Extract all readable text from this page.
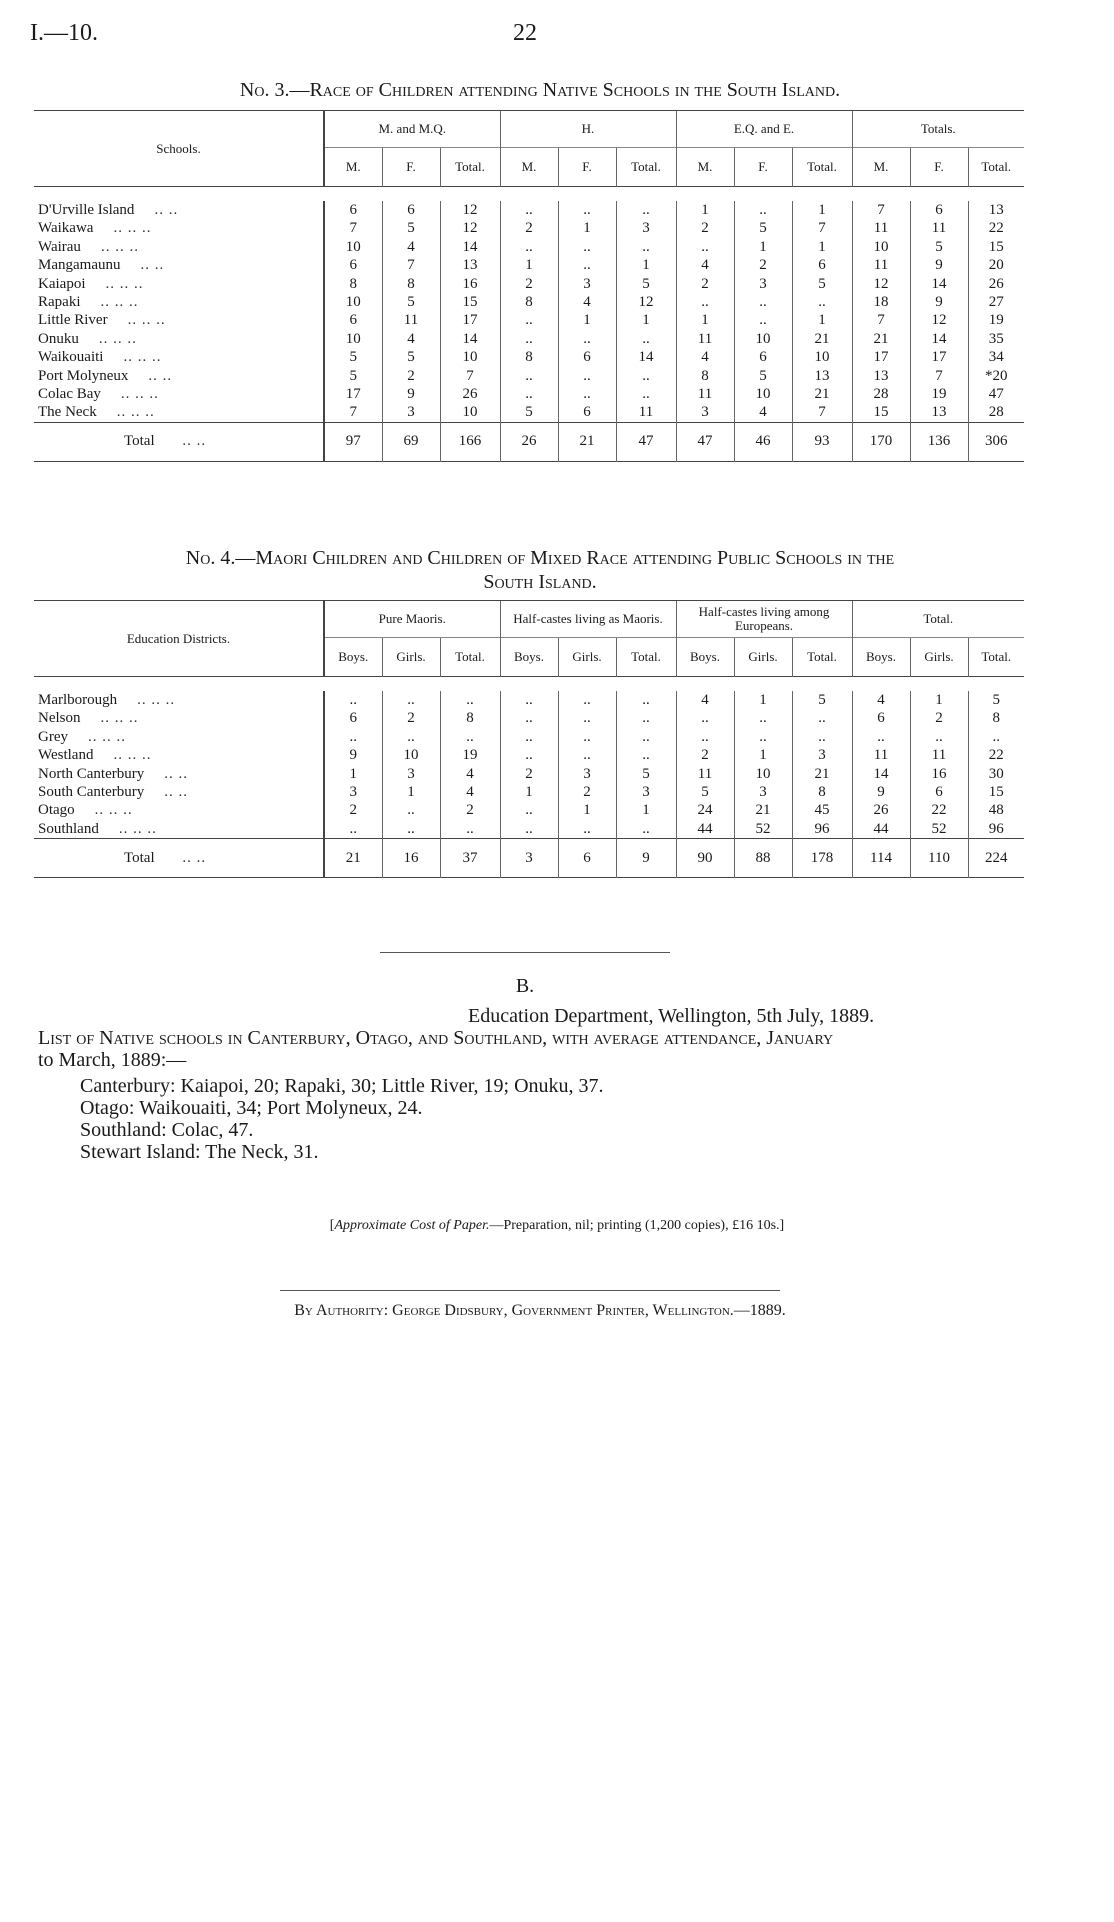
I.—10.	22
No. 3.—Race of Children attending Native Schools in the South Island.

Schools.	M. and M.Q.			H.			E.Q. and E.			Totals.		
	M.	F.	Total.	M.	F.	Total.	M.	F.	Total.	M.	F.	Total.

D'Urville Island .. ..	6	6	12	..	..	..	1	..	1	7	6	13
Waikawa .. .. ..	7	5	12	2	1	3	2	5	7	11	11	22
Wairau .. .. ..	10	4	14	..	..	..	..	1	1	10	5	15
Mangamaunu .. ..	6	7	13	1	..	1	4	2	6	11	9	20
Kaiapoi .. .. ..	8	8	16	2	3	5	2	3	5	12	14	26
Rapaki .. .. ..	10	5	15	8	4	12	..	..	..	18	9	27
Little River .. .. ..	6	11	17	..	1	1	1	..	1	7	12	19
Onuku .. .. ..	10	4	14	..	..	..	11	10	21	21	14	35
Waikouaiti .. .. ..	5	5	10	8	6	14	4	6	10	17	17	34
Port Molyneux .. ..	5	2	7	..	..	..	8	5	13	13	7	*20
Colac Bay .. .. ..	17	9	26	..	..	..	11	10	21	28	19	47
The Neck .. .. ..	7	3	10	5	6	11	3	4	7	15	13	28
Total .. ..	97	69	166	26	21	47	47	46	93	170	136	306

No. 4.—Maori Children and Children of Mixed Race attending Public Schools in the
South Island.

Education Districts.	Pure Maoris.			Half-castes living as Maoris.			Half-castes living among Europeans.			Total.		
	Boys.	Girls.	Total.	Boys.	Girls.	Total.	Boys.	Girls.	Total.	Boys.	Girls.	Total.

Marlborough .. .. ..	..	..	..	..	..	..	4	1	5	4	1	5
Nelson .. .. ..	6	2	8	..	..	..	..	..	..	6	2	8
Grey .. .. ..	..	..	..	..	..	..	..	..	..	..	..	..
Westland .. .. ..	9	10	19	..	..	..	2	1	3	11	11	22
North Canterbury .. ..	1	3	4	2	3	5	11	10	21	14	16	30
South Canterbury .. ..	3	1	4	1	2	3	5	3	8	9	6	15
Otago .. .. ..	2	..	2	..	1	1	24	21	45	26	22	48
Southland .. .. ..	..	..	..	..	..	..	44	52	96	44	52	96
Total .. ..	21	16	37	3	6	9	90	88	178	114	110	224

B.
Education Department, Wellington, 5th July, 1889.
List of Native schools in Canterbury, Otago, and Southland, with average attendance, January
to March, 1889:—
Canterbury: Kaiapoi, 20; Rapaki, 30; Little River, 19; Onuku, 37.
Otago: Waikouaiti, 34; Port Molyneux, 24.
Southland: Colac, 47.
Stewart Island: The Neck, 31.
[Approximate Cost of Paper.—Preparation, nil; printing (1,200 copies), £16 10s.]
By Authority: George Didsbury, Government Printer, Wellington.—1889.
